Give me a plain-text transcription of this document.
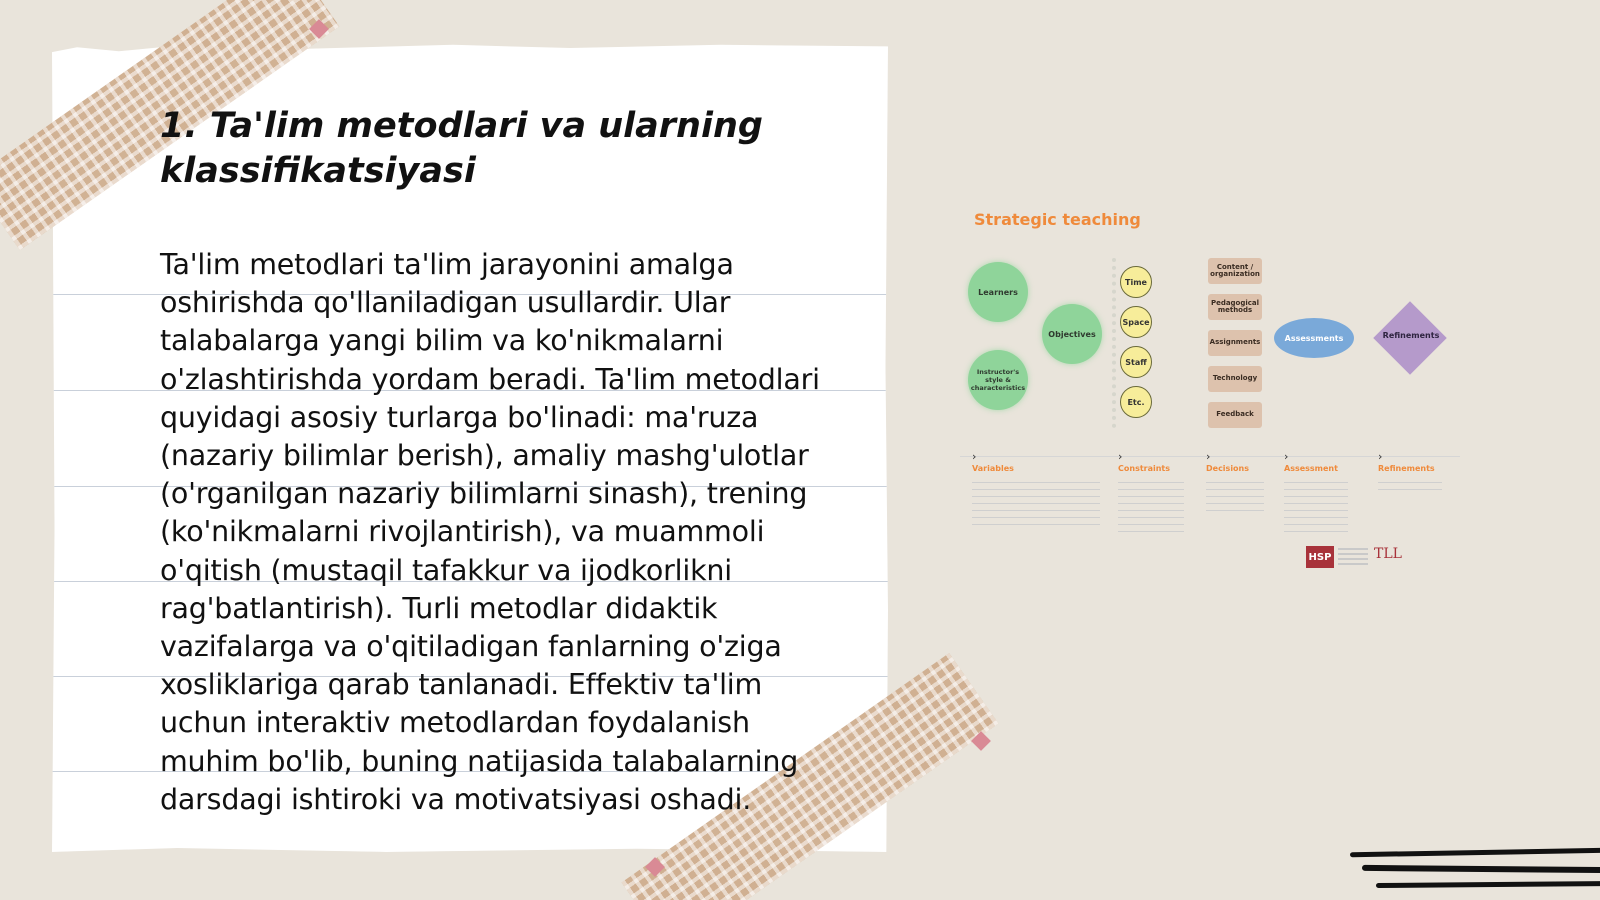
1. Ta'lim metodlari va ularning klassifikatsiyasi

Ta'lim metodlari ta'lim jarayonini amalga oshirishda qo'llaniladigan usullardir. Ular talabalarga yangi bilim va ko'nikmalarni o'zlashtirishda yordam beradi. Ta'lim metodlari quyidagi asosiy turlarga bo'linadi: ma'ruza (nazariy bilimlar berish), amaliy mashg'ulotlar (o'rganilgan nazariy bilimlarni sinash), trening (ko'nikmalarni rivojlantirish), va muammoli o'qitish (mustaqil tafakkur va ijodkorlikni rag'batlantirish). Turli metodlar didaktik vazifalarga va o'qitiladigan fanlarning o'ziga xosliklariga qarab tanlanadi. Effektiv ta'lim uchun interaktiv metodlardan foydalanish muhim bo'lib, buning natijasida talabalarning darsdagi ishtiroki va motivatsiyasi oshadi.

Strategic teaching

Learners
Objectives
Instructor's style & characteristics
Time
Space
Staff
Etc.
Content / organization
Pedagogical methods
Assignments
Technology
Feedback
Assessments	Refinements
›	›	›	›	›
Variables	Constraints	Decisions	Assessment	Refinements
HSP	TLL
